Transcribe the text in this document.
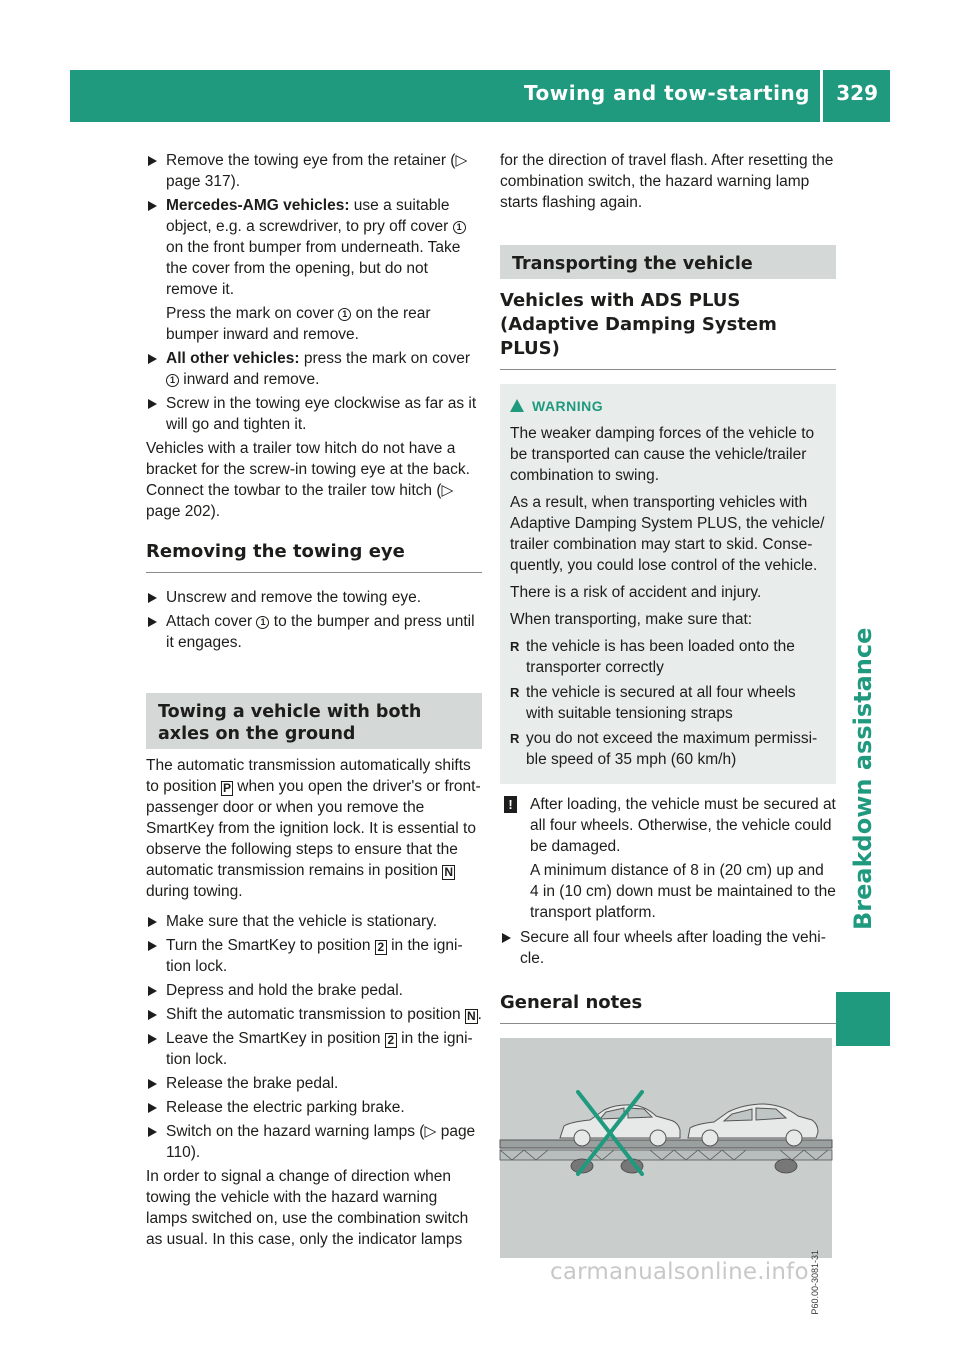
Towing and tow-starting 329
Breakdown assistance
Remove the towing eye from the retainer (▷ page 317).
Mercedes-AMG vehicles: use a suitable object, e.g. a screwdriver, to pry off cover 1 on the front bumper from underneath. Take the cover from the opening, but do not remove it.
Press the mark on cover 1 on the rear bumper inward and remove.
All other vehicles: press the mark on cover 1 inward and remove.
Screw in the towing eye clockwise as far as it will go and tighten it.

Vehicles with a trailer tow hitch do not have a bracket for the screw-in towing eye at the back. Connect the towbar to the trailer tow hitch (▷ page 202).

Removing the towing eye
Unscrew and remove the towing eye.
Attach cover 1 to the bumper and press until it engages.
Towing a vehicle with both axles on the ground

The automatic transmission automatically shifts to position P when you open the driver's or front-passenger door or when you remove the SmartKey from the ignition lock. It is essential to observe the following steps to ensure that the automatic transmission remains in position N during towing.

Make sure that the vehicle is stationary.
Turn the SmartKey to position 2 in the igni-tion lock.
Depress and hold the brake pedal.
Shift the automatic transmission to position N .
Leave the SmartKey in position 2 in the igni-tion lock.
Release the brake pedal.
Release the electric parking brake.
Switch on the hazard warning lamps (▷ page 110).

In order to signal a change of direction when towing the vehicle with the hazard warning lamps switched on, use the combination switch as usual. In this case, only the indicator lamps

for the direction of travel flash. After resetting the combination switch, the hazard warning lamp starts flashing again.

Transporting the vehicle
Vehicles with ADS PLUS (Adaptive Damping System PLUS)
WARNING

The weaker damping forces of the vehicle to be transported can cause the vehicle/trailer combination to swing.

As a result, when transporting vehicles with Adaptive Damping System PLUS, the vehicle/ trailer combination may start to skid. Conse-quently, you could lose control of the vehicle.

There is a risk of accident and injury.

When transporting, make sure that:

R the vehicle is has been loaded onto the transporter correctly
R the vehicle is secured at all four wheels with suitable tensioning straps
R you do not exceed the maximum permissi-ble speed of 35 mph (60 km/h)
! After loading, the vehicle must be secured at all four wheels. Otherwise, the vehicle could be damaged.

A minimum distance of 8 in (20 cm) up and 4 in (10 cm) down must be maintained to the transport platform.

Secure all four wheels after loading the vehi-cle.
General notes
P60.00-3081-31
carmanualsonline.info
